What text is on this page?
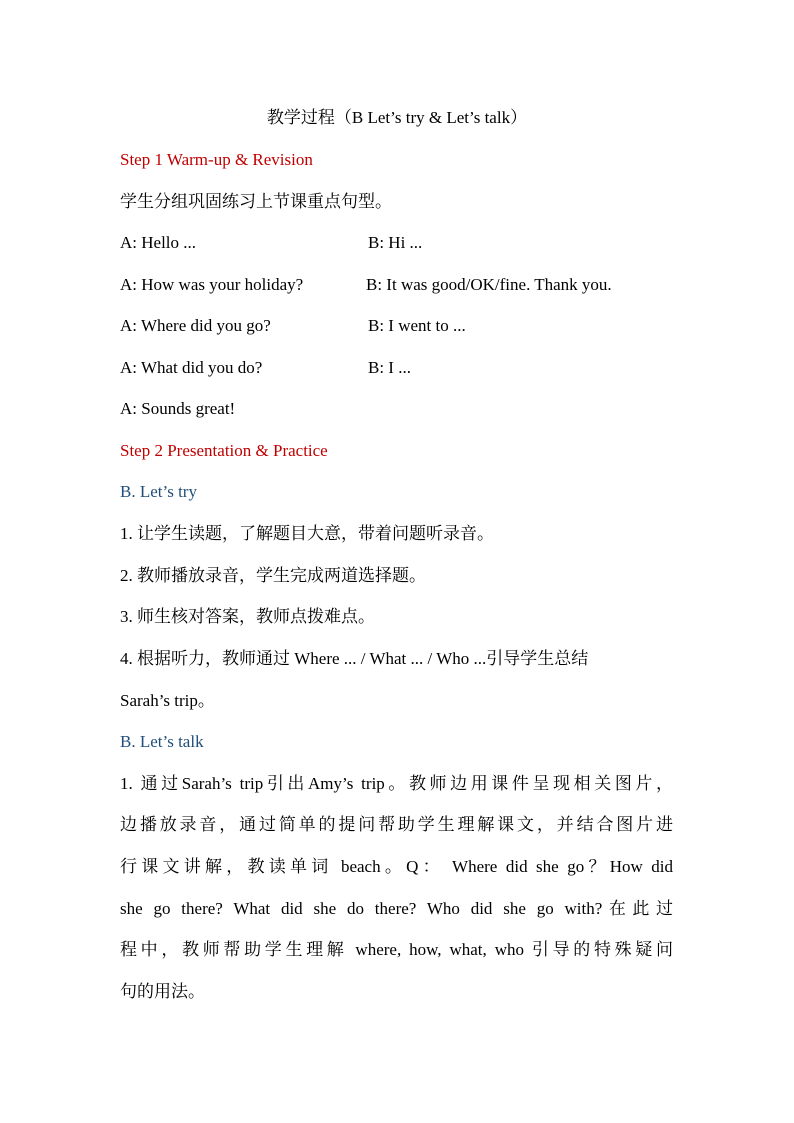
教学过程（B Let’s try & Let’s talk）
Step 1 Warm-up & Revision
学生分组巩固练习上节课重点句型。
A: Hello ...	B: Hi ...
A: How was your holiday?	B: It was good/OK/fine. Thank you.
A: Where did you go?	B: I went to ...
A: What did you do?	B: I ...
A: Sounds great!
Step 2 Presentation & Practice
B. Let’s try
1. 让学生读题，了解题目大意，带着问题听录音。
2. 教师播放录音，学生完成两道选择题。
3. 师生核对答案，教师点拨难点。
4. 根据听力，教师通过 Where ... / What ... / Who ...引导学生总结
Sarah’s trip。
B. Let’s talk
1. 通过Sarah’s trip引出Amy’s trip。教师边用课件呈现相关图片，
边播放录音，通过简单的提问帮助学生理解课文，并结合图片进
行课文讲解，教读单词 beach。Q： Where did she go？How did
she go there? What did she do there? Who did she go with?在此过
程中，教师帮助学生理解 where, how, what, who 引导的特殊疑问
句的用法。
